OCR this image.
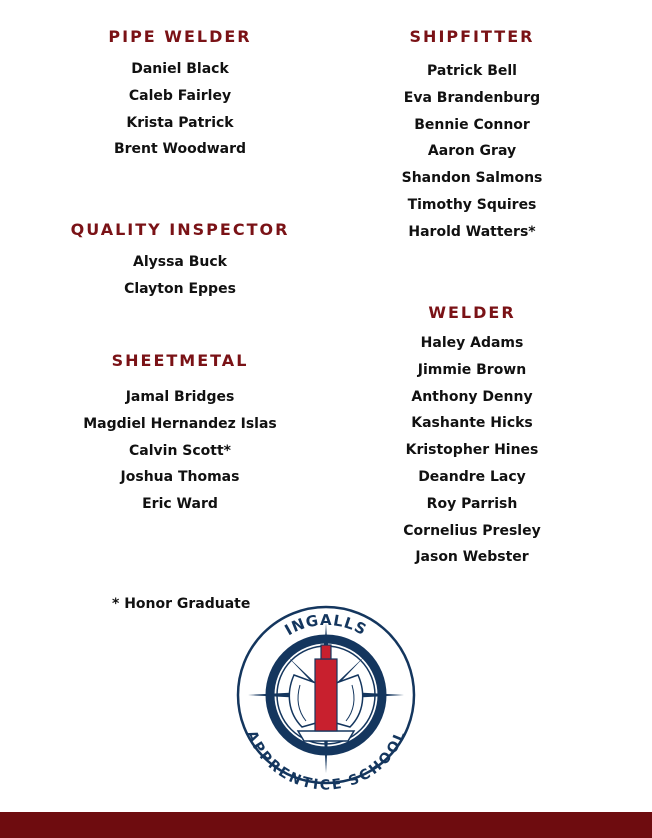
PIPE WELDER
Daniel Black
Caleb Fairley
Krista Patrick
Brent Woodward
QUALITY INSPECTOR
Alyssa Buck
Clayton Eppes
SHEETMETAL
Jamal Bridges
Magdiel Hernandez Islas
Calvin Scott*
Joshua Thomas
Eric Ward
SHIPFITTER
Patrick Bell
Eva Brandenburg
Bennie Connor
Aaron Gray
Shandon Salmons
Timothy Squires
Harold Watters*
WELDER
Haley Adams
Jimmie Brown
Anthony Denny
Kashante Hicks
Kristopher Hines
Deandre Lacy
Roy Parrish
Cornelius Presley
Jason Webster
* Honor Graduate
INGALLS
APPRENTICE SCHOOL
